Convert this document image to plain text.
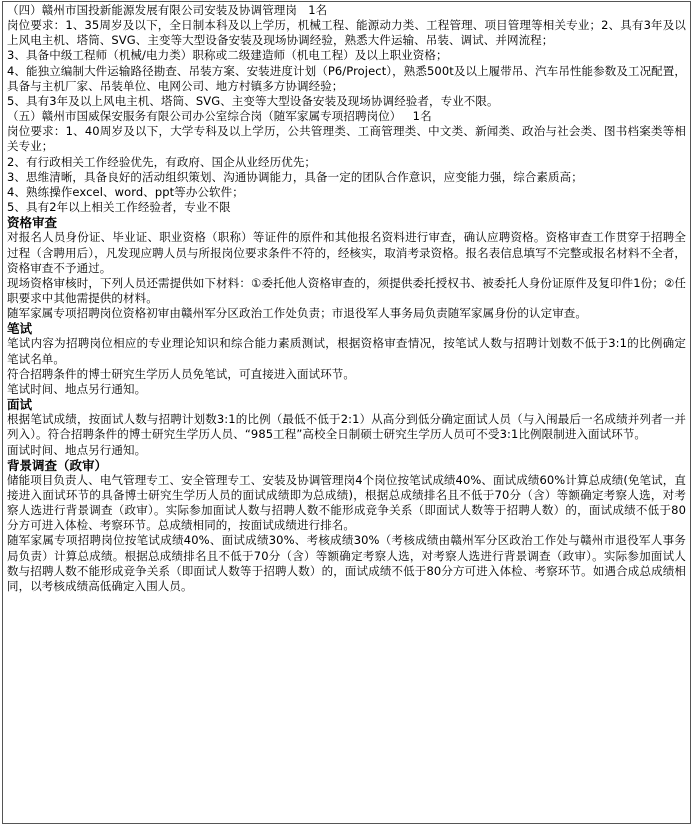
（四）赣州市国投新能源发展有限公司安装及协调管理岗   1名
岗位要求：1、35周岁及以下，全日制本科及以上学历，机械工程、能源动力类、工程管理、项目管理等相关专业；2、具有3年及以上风电主机、塔筒、SVG、主变等大型设备安装及现场协调经验，熟悉大件运输、吊装、调试、并网流程；
3、具备中级工程师（机械/电力类）职称或二级建造师（机电工程）及以上职业资格；
4、能独立编制大件运输路径勘查、吊装方案、安装进度计划（P6/Project），熟悉500t及以上履带吊、汽车吊性能参数及工况配置，具备与主机厂家、吊装单位、电网公司、地方村镇多方协调经验；
5、具有3年及以上风电主机、塔筒、SVG、主变等大型设备安装及现场协调经验者，专业不限。
（五）赣州市国威保安服务有限公司办公室综合岗（随军家属专项招聘岗位）   1名
岗位要求：1、40周岁及以下，大学专科及以上学历，公共管理类、工商管理类、中文类、新闻类、政治与社会类、图书档案类等相关专业；
2、有行政相关工作经验优先，有政府、国企从业经历优先；
3、思维清晰，具备良好的活动组织策划、沟通协调能力，具备一定的团队合作意识，应变能力强，综合素质高；
4、熟练操作excel、word、ppt等办公软件；
5、具有2年以上相关工作经验者，专业不限
资格审查
对报名人员身份证、毕业证、职业资格（职称）等证件的原件和其他报名资料进行审查，确认应聘资格。资格审查工作贯穿于招聘全过程（含聘用后），凡发现应聘人员与所报岗位要求条件不符的，经核实，取消考录资格。报名表信息填写不完整或报名材料不全者，资格审查不予通过。
现场资格审核时，下列人员还需提供如下材料：①委托他人资格审查的，须提供委托授权书、被委托人身份证原件及复印件1份；②任职要求中其他需提供的材料。
随军家属专项招聘岗位资格初审由赣州军分区政治工作处负责；市退役军人事务局负责随军家属身份的认定审查。
笔试
笔试内容为招聘岗位相应的专业理论知识和综合能力素质测试，根据资格审查情况，按笔试人数与招聘计划数不低于3:1的比例确定笔试名单。
符合招聘条件的博士研究生学历人员免笔试，可直接进入面试环节。
笔试时间、地点另行通知。
面试
根据笔试成绩，按面试人数与招聘计划数3:1的比例（最低不低于2:1）从高分到低分确定面试人员（与入闱最后一名成绩并列者一并列入）。符合招聘条件的博士研究生学历人员、“985工程”高校全日制硕士研究生学历人员可不受3:1比例限制进入面试环节。
面试时间、地点另行通知。
背景调查（政审）
储能项目负责人、电气管理专工、安全管理专工、安装及协调管理岗4个岗位按笔试成绩40%、面试成绩60%计算总成绩(免笔试，直接进入面试环节的具备博士研究生学历人员的面试成绩即为总成绩)，根据总成绩排名且不低于70分（含）等额确定考察人选，对考察人选进行背景调查（政审）。实际参加面试人数与招聘人数不能形成竞争关系（即面试人数等于招聘人数）的，面试成绩不低于80分方可进入体检、考察环节。总成绩相同的，按面试成绩进行排名。
随军家属专项招聘岗位按笔试成绩40%、面试成绩30%、考核成绩30%（考核成绩由赣州军分区政治工作处与赣州市退役军人事务局负责）计算总成绩。根据总成绩排名且不低于70分（含）等额确定考察人选，对考察人选进行背景调查（政审）。实际参加面试人数与招聘人数不能形成竞争关系（即面试人数等于招聘人数）的，面试成绩不低于80分方可进入体检、考察环节。如遇合成总成绩相同，以考核成绩高低确定入围人员。
